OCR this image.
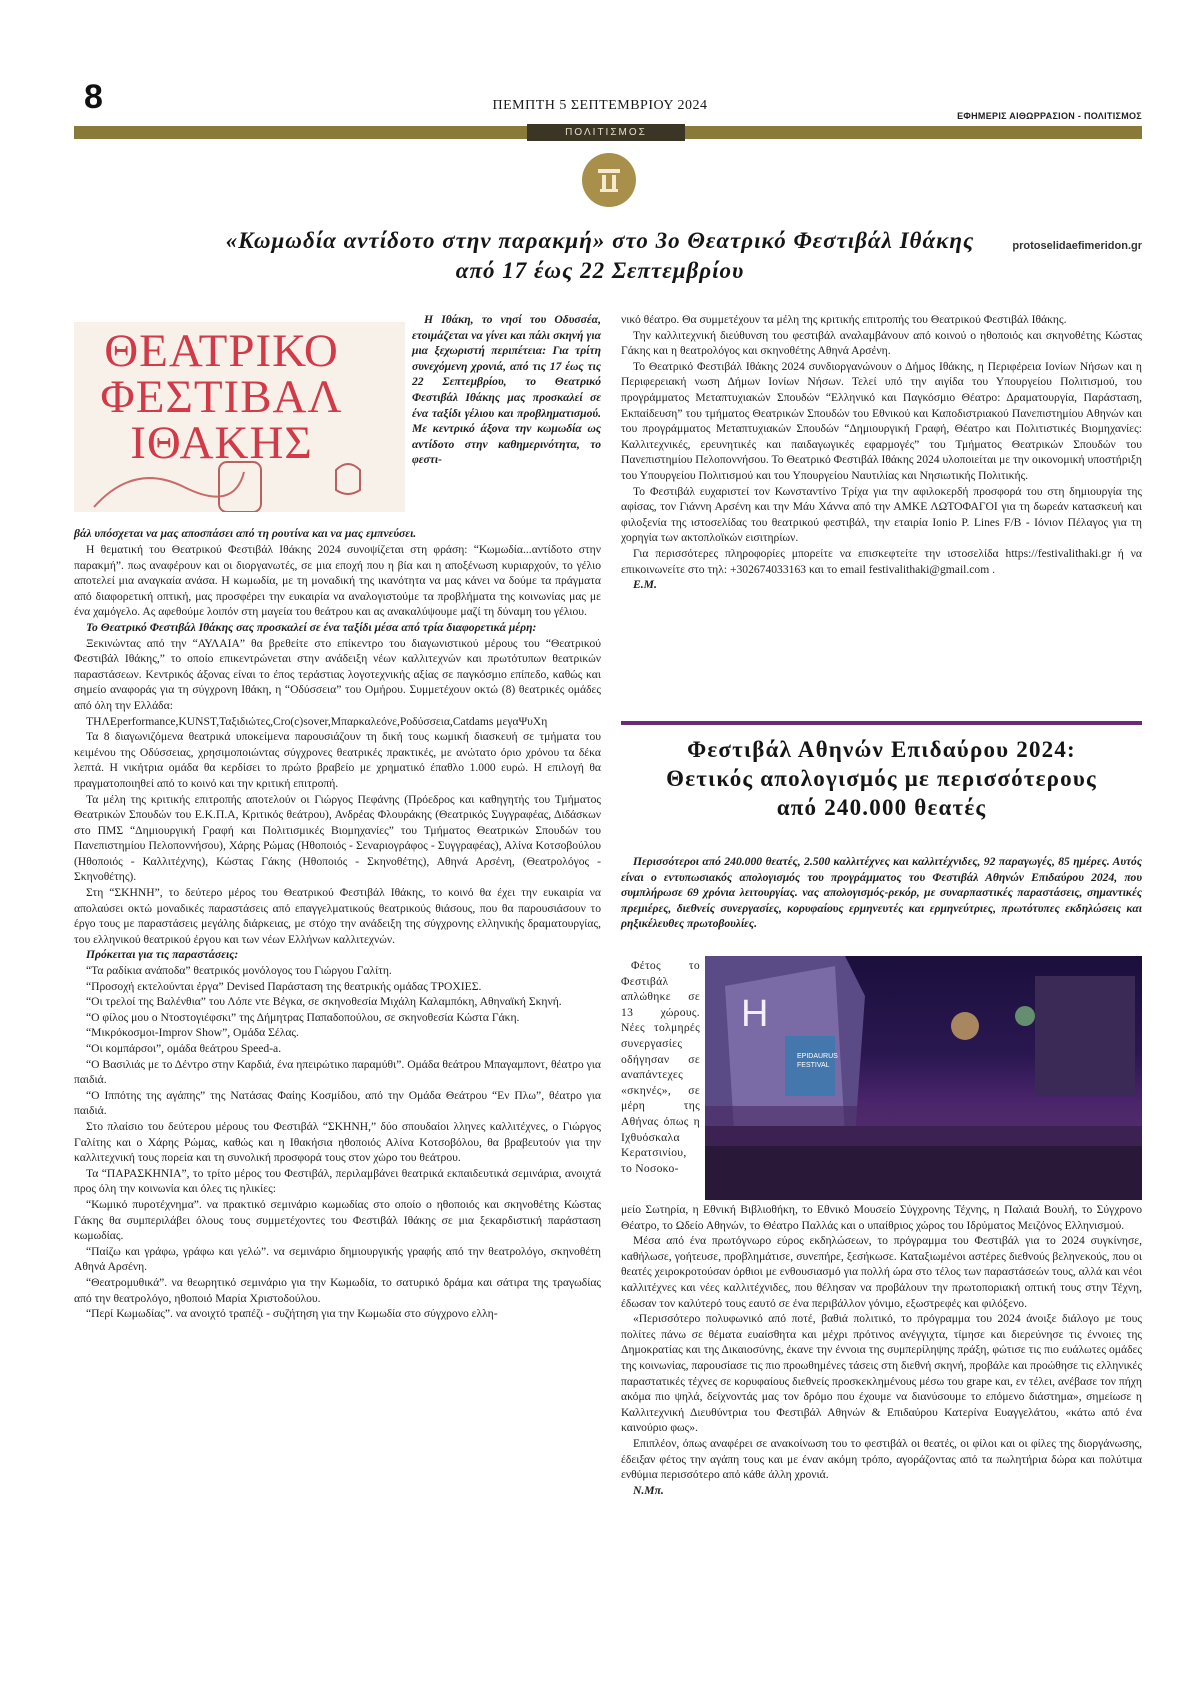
8	ΠΕΜΠΤΗ 5 ΣΕΠΤΕΜΒΡΙΟΥ 2024
ΕΦΗΜΕΡΙΣ ΑΙΘΩΡΡΑΣΙΟΝ - ΠΟΛΙΤΙΣΜΟΣ
ΠΟΛΙΤΙΣΜΟΣ
«Κωμωδία αντίδοτο στην παρακμή» στο 3ο Θεατρικό Φεστιβάλ Ιθάκης
από 17 έως 22 Σεπτεμβρίου
protoselidaefimeridon.gr
ΘΕΑΤΡΙΚΟ
ΦΕΣΤΙΒΑΛ
ΙΘΑΚΗΣ

Η Ιθάκη, το νησί του Οδυσσέα, ετοιμάζεται να γίνει και πάλι σκηνή για μια ξεχωριστή περιπέτεια: Για τρίτη συνεχόμενη χρονιά, από τις 17 έως τις 22 Σεπτεμβρίου, το Θεατρικό Φεστιβάλ Ιθάκης μας προσκαλεί σε ένα ταξίδι γέλιου και προβληματισμού. Με κεντρικό άξονα την κωμωδία ως αντίδοτο στην καθημερινότητα, το φεστι-

βάλ υπόσχεται να μας αποσπάσει από τη ρουτίνα και να μας εμπνεύσει.

Η θεματική του Θεατρικού Φεστιβάλ Ιθάκης 2024 συνοψίζεται στη φράση: “Κωμωδία...αντίδοτο στην παρακμή”. πως αναφέρουν και οι διοργανωτές, σε μια εποχή που η βία και η αποξένωση κυριαρχούν, το γέλιο αποτελεί μια αναγκαία ανάσα. Η κωμωδία, με τη μοναδική της ικανότητα να μας κάνει να δούμε τα πράγματα από διαφορετική οπτική, μας προσφέρει την ευκαιρία να αναλογιστούμε τα προβλήματα της κοινωνίας μας με ένα χαμόγελο. Ας αφεθούμε λοιπόν στη μαγεία του θεάτρου και ας ανακαλύψουμε μαζί τη δύναμη του γέλιου.

Το Θεατρικό Φεστιβάλ Ιθάκης σας προσκαλεί σε ένα ταξίδι μέσα από τρία διαφορετικά μέρη:

Ξεκινώντας από την “ΑΥΛΑΙΑ” θα βρεθείτε στο επίκεντρο του διαγωνιστικού μέρους του “Θεατρικού Φεστιβάλ Ιθάκης,” το οποίο επικεντρώνεται στην ανάδειξη νέων καλλιτεχνών και πρωτότυπων θεατρικών παραστάσεων. Κεντρικός άξονας είναι το έπος τεράστιας λογοτεχνικής αξίας σε παγκόσμιο επίπεδο, καθώς και σημείο αναφοράς για τη σύγχρονη Ιθάκη, η “Οδύσσεια” του Ομήρου. Συμμετέχουν οκτώ (8) θεατρικές ομάδες από όλη την Ελλάδα:

ΤΗΛΕperformance,KUNST,Ταξιδιώτες,Cro(c)sover,Μπαρκαλεόνε,Ροδύσσεια,Catdams μεγαΨυΧη

Τα 8 διαγωνιζόμενα θεατρικά υποκείμενα παρουσιάζουν τη δική τους κωμική διασκευή σε τμήματα του κειμένου της Οδύσσειας, χρησιμοποιώντας σύγχρονες θεατρικές πρακτικές, με ανώτατο όριο χρόνου τα δέκα λεπτά. Η νικήτρια ομάδα θα κερδίσει το πρώτο βραβείο με χρηματικό έπαθλο 1.000 ευρώ. Η επιλογή θα πραγματοποιηθεί από το κοινό και την κριτική επιτροπή.

Τα μέλη της κριτικής επιτροπής αποτελούν οι Γιώργος Πεφάνης (Πρόεδρος και καθηγητής του Τμήματος Θεατρικών Σπουδών του Ε.Κ.Π.Α, Κριτικός θεάτρου), Ανδρέας Φλουράκης (Θεατρικός Συγγραφέας, Διδάσκων στο ΠΜΣ “Δημιουργική Γραφή και Πολιτισμικές Βιομηχανίες” του Τμήματος Θεατρικών Σπουδών του Πανεπιστημίου Πελοποννήσου), Χάρης Ρώμας (Ηθοποιός - Σεναριογράφος - Συγγραφέας), Αλίνα Κοτσοβούλου (Ηθοποιός - Καλλιτέχνης), Κώστας Γάκης (Ηθοποιός - Σκηνοθέτης), Αθηνά Αρσένη, (Θεατρολόγος - Σκηνοθέτης).

Στη “ΣΚΗΝΗ”, το δεύτερο μέρος του Θεατρικού Φεστιβάλ Ιθάκης, το κοινό θα έχει την ευκαιρία να απολαύσει οκτώ μοναδικές παραστάσεις από επαγγελματικούς θεατρικούς θιάσους, που θα παρουσιάσουν το έργο τους με παραστάσεις μεγάλης διάρκειας, με στόχο την ανάδειξη της σύγχρονης ελληνικής δραματουργίας, του ελληνικού θεατρικού έργου και των νέων Ελλήνων καλλιτεχνών.

Πρόκειται για τις παραστάσεις:

“Τα ραδίκια ανάποδα” θεατρικός μονόλογος του Γιώργου Γαλίτη.

“Προσοχή εκτελούνται έργα” Devised Παράσταση της θεατρικής ομάδας ΤΡΟΧΙΕΣ.

“Οι τρελοί της Βαλένθια” του Λόπε ντε Βέγκα, σε σκηνοθεσία Μιχάλη Καλαμπόκη, Αθηναϊκή Σκηνή.

“Ο φίλος μου ο Ντοστογιέφσκι” της Δήμητρας Παπαδοπούλου, σε σκηνοθεσία Κώστα Γάκη.

“Μικρόκοσμοι-Improv Show”, Ομάδα Σέλας.

“Οι κομπάρσοι”, ομάδα θεάτρου Speed-a.

“Ο Βασιλιάς με το Δέντρο στην Καρδιά, ένα ηπειρώτικο παραμύθι”. Ομάδα θεάτρου Μπαγαμποντ, θέατρο για παιδιά.

“Ο Ιππότης της αγάπης” της Νατάσας Φαίης Κοσμίδου, από την Ομάδα Θεάτρου “Εν Πλω”, θέατρο για παιδιά.

Στο πλαίσιο του δεύτερου μέρους του Φεστιβάλ “ΣΚΗΝΗ,” δύο σπουδαίοι λληνες καλλιτέχνες, ο Γιώργος Γαλίτης και ο Χάρης Ρώμας, καθώς και η Ιθακήσια ηθοποιός Αλίνα Κοτσοβόλου, θα βραβευτούν για την καλλιτεχνική τους πορεία και τη συνολική προσφορά τους στον χώρο του θεάτρου.

Τα “ΠΑΡΑΣΚΗΝΙΑ”, το τρίτο μέρος του Φεστιβάλ, περιλαμβάνει θεατρικά εκπαιδευτικά σεμινάρια, ανοιχτά προς όλη την κοινωνία και όλες τις ηλικίες:

“Κωμικό πυροτέχνημα”. να πρακτικό σεμινάριο κωμωδίας στο οποίο ο ηθοποιός και σκηνοθέτης Κώστας Γάκης θα συμπεριλάβει όλους τους συμμετέχοντες του Φεστιβάλ Ιθάκης σε μια ξεκαρδιστική παράσταση κωμωδίας.

“Παίζω και γράφω, γράφω και γελώ”. να σεμινάριο δημιουργικής γραφής από την θεατρολόγο, σκηνοθέτη Αθηνά Αρσένη.

“Θεατρομυθικά”. να θεωρητικό σεμινάριο για την Κωμωδία, το σατυρικό δράμα και σάτιρα της τραγωδίας από την θεατρολόγο, ηθοποιό Μαρία Χριστοδούλου.

“Περί Κωμωδίας”. να ανοιχτό τραπέζι - συζήτηση για την Κωμωδία στο σύγχρονο ελλη-

νικό θέατρο. Θα συμμετέχουν τα μέλη της κριτικής επιτροπής του Θεατρικού Φεστιβάλ Ιθάκης.

Την καλλιτεχνική διεύθυνση του φεστιβάλ αναλαμβάνουν από κοινού ο ηθοποιός και σκηνοθέτης Κώστας Γάκης και η θεατρολόγος και σκηνοθέτης Αθηνά Αρσένη.

Το Θεατρικό Φεστιβάλ Ιθάκης 2024 συνδιοργανώνουν ο Δήμος Ιθάκης, η Περιφέρεια Ιονίων Νήσων και η Περιφερειακή νωση Δήμων Ιονίων Νήσων. Τελεί υπό την αιγίδα του Υπουργείου Πολιτισμού, του προγράμματος Μεταπτυχιακών Σπουδών “Ελληνικό και Παγκόσμιο Θέατρο: Δραματουργία, Παράσταση, Εκπαίδευση” του τμήματος Θεατρικών Σπουδών του Εθνικού και Καποδιστριακού Πανεπιστημίου Αθηνών και του προγράμματος Μεταπτυχιακών Σπουδών “Δημιουργική Γραφή, Θέατρο και Πολιτιστικές Βιομηχανίες: Καλλιτεχνικές, ερευνητικές και παιδαγωγικές εφαρμογές” του Τμήματος Θεατρικών Σπουδών του Πανεπιστημίου Πελοποννήσου. Το Θεατρικό Φεστιβάλ Ιθάκης 2024 υλοποιείται με την οικονομική υποστήριξη του Υπουργείου Πολιτισμού και του Υπουργείου Ναυτιλίας και Νησιωτικής Πολιτικής.

Το Φεστιβάλ ευχαριστεί τον Κωνσταντίνο Τρίχα για την αφιλοκερδή προσφορά του στη δημιουργία της αφίσας, τον Γιάννη Αρσένη και την Μάυ Χάννα από την ΑΜΚΕ ΛΩΤΟΦΑΓΟΙ για τη δωρεάν κατασκευή και φιλοξενία της ιστοσελίδας του θεατρικού φεστιβάλ, την εταιρία Ionio P. Lines F/B - Ιόνιον Πέλαγος για τη χορηγία των ακτοπλοϊκών εισιτηρίων.

Για περισσότερες πληροφορίες μπορείτε να επισκεφτείτε την ιστοσελίδα https://festivalithaki.gr ή να επικοινωνείτε στο τηλ: +302674033163 και το email festivalithaki@gmail.com .

Ε.Μ.

Φεστιβάλ Αθηνών Επιδαύρου 2024:
Θετικός απολογισμός με περισσότερους
από 240.000 θεατές

Περισσότεροι από 240.000 θεατές, 2.500 καλλιτέχνες και καλλιτέχνιδες, 92 παραγωγές, 85 ημέρες. Αυτός είναι ο εντυπωσιακός απολογισμός του προγράμματος του Φεστιβάλ Αθηνών Επιδαύρου 2024, που συμπλήρωσε 69 χρόνια λειτουργίας. νας απολογισμός-ρεκόρ, με συναρπαστικές παραστάσεις, σημαντικές πρεμιέρες, διεθνείς συνεργασίες, κορυφαίους ερμηνευτές και ερμηνεύτριες, πρωτότυπες εκδηλώσεις και ρηξικέλευθες πρωτοβουλίες.

Φέτος το Φεστιβάλ απλώθηκε σε 13 χώρους. Νέες τολμηρές συνεργασίες οδήγησαν σε αναπάντεχες «σκηνές», σε μέρη της Αθήνας όπως η Ιχθυόσκαλα Κερατσινίου, το Νοσοκο-

H
EPIDAURUS FESTIVAL

μείο Σωτηρία, η Εθνική Βιβλιοθήκη, το Εθνικό Μουσείο Σύγχρονης Τέχνης, η Παλαιά Βουλή, το Σύγχρονο Θέατρο, το Ωδείο Αθηνών, το Θέατρο Παλλάς και ο υπαίθριος χώρος του Ιδρύματος Μειζόνος Ελληνισμού.

Μέσα από ένα πρωτόγνωρο εύρος εκδηλώσεων, το πρόγραμμα του Φεστιβάλ για το 2024 συγκίνησε, καθήλωσε, γοήτευσε, προβλημάτισε, συνεπήρε, ξεσήκωσε. Καταξιωμένοι αστέρες διεθνούς βεληνεκούς, που οι θεατές χειροκροτούσαν όρθιοι με ενθουσιασμό για πολλή ώρα στο τέλος των παραστάσεών τους, αλλά και νέοι καλλιτέχνες και νέες καλλιτέχνιδες, που θέλησαν να προβάλουν την πρωτοποριακή οπτική τους στην Τέχνη, έδωσαν τον καλύτερό τους εαυτό σε ένα περιβάλλον γόνιμο, εξωστρεφές και φιλόξενο.

«Περισσότερο πολυφωνικό από ποτέ, βαθιά πολιτικό, το πρόγραμμα του 2024 άνοιξε διάλογο με τους πολίτες πάνω σε θέματα ευαίσθητα και μέχρι πρότινος ανέγγιχτα, τίμησε και διερεύνησε τις έννοιες της Δημοκρατίας και της Δικαιοσύνης, έκανε την έννοια της συμπερίληψης πράξη, φώτισε τις πιο ευάλωτες ομάδες της κοινωνίας, παρουσίασε τις πιο προωθημένες τάσεις στη διεθνή σκηνή, προβάλε και προώθησε τις ελληνικές παραστατικές τέχνες σε κορυφαίους διεθνείς προσκεκλημένους μέσω του grape και, εν τέλει, ανέβασε τον πήχη ακόμα πιο ψηλά, δείχνοντάς μας τον δρόμο που έχουμε να διανύσουμε το επόμενο διάστημα», σημείωσε η Καλλιτεχνική Διευθύντρια του Φεστιβάλ Αθηνών & Επιδαύρου Κατερίνα Ευαγγελάτου, «κάτω από ένα καινούριο φως».

Επιπλέον, όπως αναφέρει σε ανακοίνωση του το φεστιβάλ οι θεατές, οι φίλοι και οι φίλες της διοργάνωσης, έδειξαν φέτος την αγάπη τους και με έναν ακόμη τρόπο, αγοράζοντας από τα πωλητήρια δώρα και πολύτιμα ενθύμια περισσότερο από κάθε άλλη χρονιά.

Ν.Μπ.
